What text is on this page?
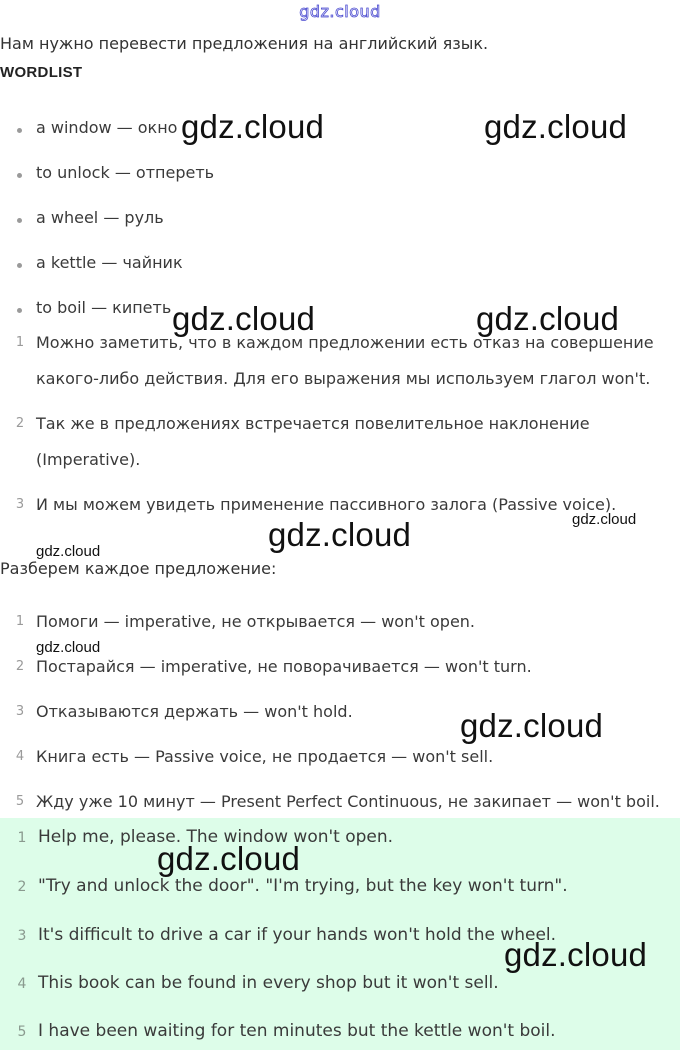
gdz.cloud
Нам нужно перевести предложения на английский язык.
WORDLIST
a window — окно
to unlock — отпереть
a wheel — руль
a kettle — чайник
to boil — кипеть
1 Можно заметить, что в каждом предложении есть отказ на совершение
какого-либо действия. Для его выражения мы используем глагол won't.
2 Так же в предложениях встречается повелительное наклонение
(Imperative).
3 И мы можем увидеть применение пассивного залога (Passive voice).
Разберем каждое предложение:
1 Помоги — imperative, не открывается — won't open.
2 Постарайся — imperative, не поворачивается — won't turn.
3 Отказываются держать — won't hold.
4 Книга есть — Passive voice, не продается — won't sell.
5 Жду уже 10 минут — Present Perfect Continuous, не закипает — won't boil.
1 Help me, please. The window won't open.
2 "Try and unlock the door". "I'm trying, but the key won't turn".
3 It's difficult to drive a car if your hands won't hold the wheel.
4 This book can be found in every shop but it won't sell.
5 I have been waiting for ten minutes but the kettle won't boil.
gdz.cloud	gdz.cloud
gdz.cloud	gdz.cloud
gdz.cloud
gdz.cloud
gdz.cloud
gdz.cloud
gdz.cloud
gdz.cloud
gdz.cloud
